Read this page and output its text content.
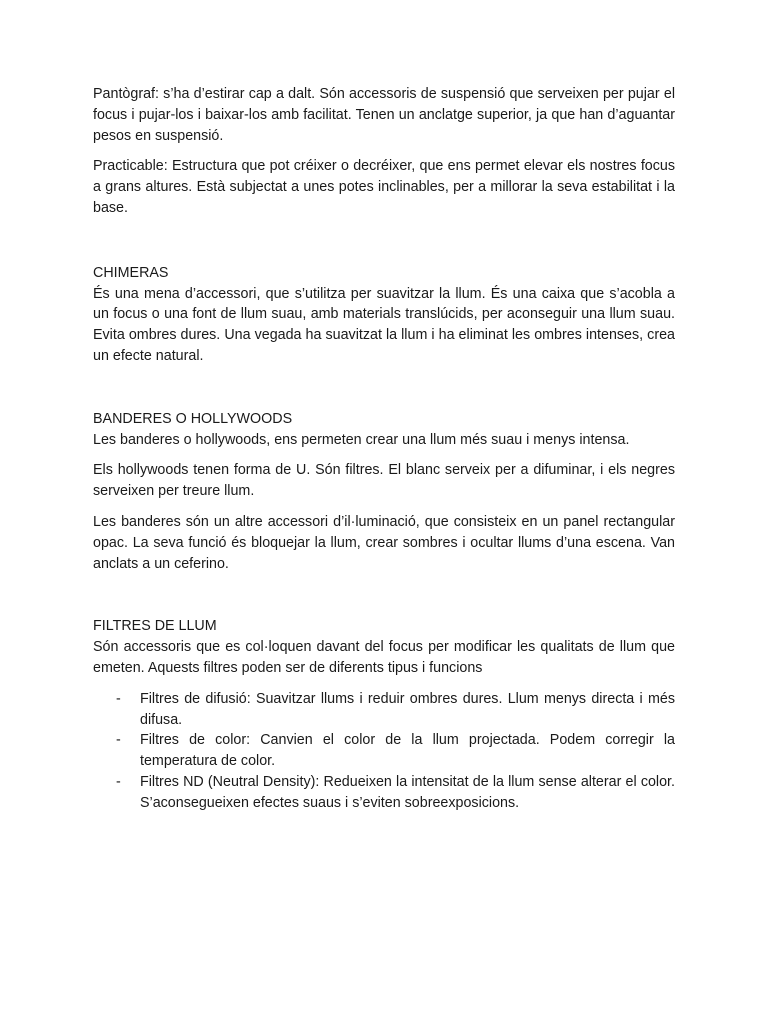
Pantògraf: s’ha d’estirar cap a dalt. Són accessoris de suspensió que serveixen per pujar el focus i pujar-los i baixar-los amb facilitat. Tenen un anclatge superior, ja que han d’aguantar pesos en suspensió.

Practicable: Estructura que pot créixer o decréixer, que ens permet elevar els nostres focus a grans altures. Està subjectat a unes potes inclinables, per a millorar la seva estabilitat i la base.

CHIMERAS

És una mena d’accessori, que s’utilitza per suavitzar la llum. És una caixa que s’acobla a un focus o una font de llum suau, amb materials translúcids, per aconseguir una llum suau. Evita ombres dures. Una vegada ha suavitzat la llum i ha eliminat les ombres intenses, crea un efecte natural.

BANDERES O HOLLYWOODS

Les banderes o hollywoods, ens permeten crear una llum més suau i menys intensa.

Els hollywoods tenen forma de U. Són filtres. El blanc serveix per a difuminar, i els negres serveixen per treure llum.

Les banderes són un altre accessori d’il·luminació, que consisteix en un panel rectangular opac. La seva funció és bloquejar la llum, crear sombres i ocultar llums d’una escena. Van anclats a un ceferino.

FILTRES DE LLUM

Són accessoris que es col·loquen davant del focus per modificar les qualitats de llum que emeten. Aquests filtres poden ser de diferents tipus i funcions

- Filtres de difusió: Suavitzar llums i reduir ombres dures. Llum menys directa i més difusa.
- Filtres de color: Canvien el color de la llum projectada. Podem corregir la temperatura de color.
- Filtres ND (Neutral Density): Redueixen la intensitat de la llum sense alterar el color. S’aconsegueixen efectes suaus i s’eviten sobreexposicions.
